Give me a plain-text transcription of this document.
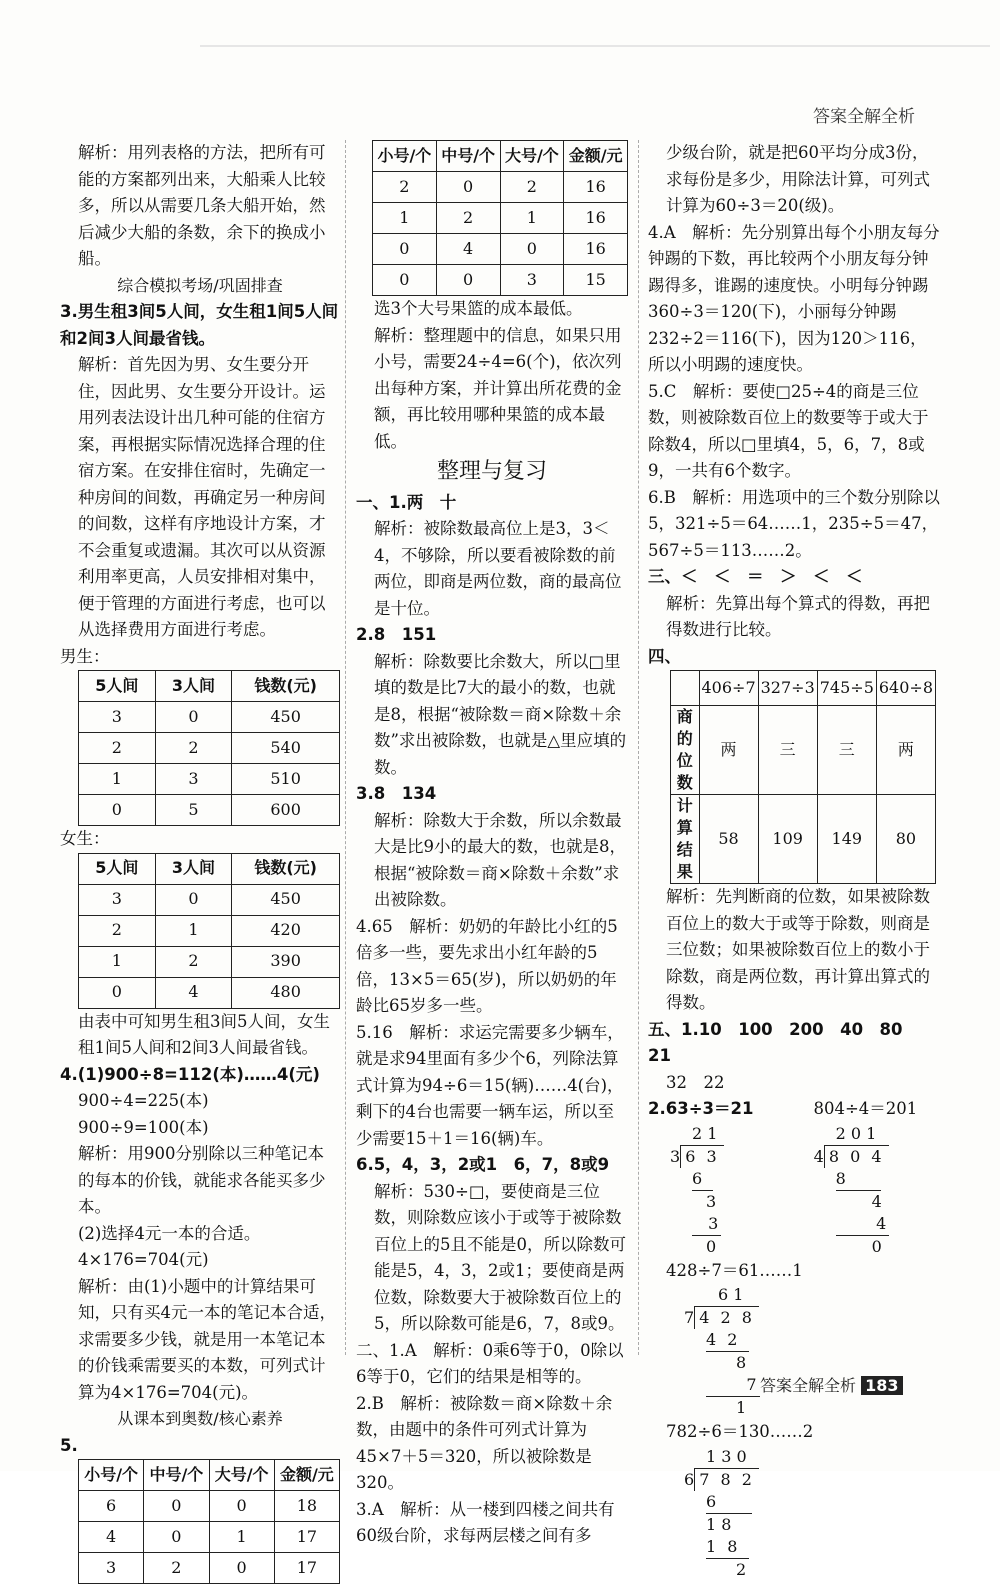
答案全解全析

解析：用列表格的方法，把所有可能的方案都列出来，大船乘人比较多，所以从需要几条大船开始，然后减少大船的条数，余下的换成小船。

综合模拟考场/巩固排查

3.男生租3间5人间，女生租1间5人间和2间3人间最省钱。

解析：首先因为男、女生要分开住，因此男、女生要分开设计。运用列表法设计出几种可能的住宿方案，再根据实际情况选择合理的住宿方案。在安排住宿时，先确定一种房间的间数，再确定另一种房间的间数，这样有序地设计方案，才不会重复或遗漏。其次可以从资源利用率更高，人员安排相对集中，便于管理的方面进行考虑，也可以从选择费用方面进行考虑。

男生：

5人间	3人间	钱数(元)
3	0	450
2	2	540
1	3	510
0	5	600

女生：

5人间	3人间	钱数(元)
3	0	450
2	1	420
1	2	390
0	4	480

由表中可知男生租3间5人间，女生租1间5人间和2间3人间最省钱。

4.(1)900÷8=112(本)……4(元)

900÷4=225(本)

900÷9=100(本)

解析：用900分别除以三种笔记本的每本的价钱，就能求各能买多少本。

(2)选择4元一本的合适。

4×176=704(元)

解析：由(1)小题中的计算结果可知，只有买4元一本的笔记本合适，求需要多少钱，就是用一本笔记本的价钱乘需要买的本数，可列式计算为4×176=704(元)。

从课本到奥数/核心素养

5.

小号/个	中号/个	大号/个	金额/元
6	0	0	18
4	0	1	17
3	2	0	17
小号/个	中号/个	大号/个	金额/元
2	0	2	16
1	2	1	16
0	4	0	16
0	0	3	15

选3个大号果篮的成本最低。

解析：整理题中的信息，如果只用小号，需要24÷4=6(个)，依次列出每种方案，并计算出所花费的金额，再比较用哪种果篮的成本最低。

整理与复习

一、1.两　十

解析：被除数最高位上是3，3＜4，不够除，所以要看被除数的前两位，即商是两位数，商的最高位是十位。

2.8　151

解析：除数要比余数大，所以□里填的数是比7大的最小的数，也就是8，根据“被除数＝商×除数＋余数”求出被除数，也就是△里应填的数。

3.8　134

解析：除数大于余数，所以余数最大是比9小的最大的数，也就是8，根据“被除数＝商×除数＋余数”求出被除数。

4.65　解析：奶奶的年龄比小红的5倍多一些，要先求出小红年龄的5倍，13×5＝65(岁)，所以奶奶的年龄比65岁多一些。

5.16　解析：求运完需要多少辆车，就是求94里面有多少个6，列除法算式计算为94÷6＝15(辆)……4(台)，剩下的4台也需要一辆车运，所以至少需要15＋1＝16(辆)车。

6.5，4，3，2或1　6，7，8或9

解析：530÷□，要使商是三位数，则除数应该小于或等于被除数百位上的5且不能是0，所以除数可能是5，4，3，2或1；要使商是两位数，除数要大于被除数百位上的5，所以除数可能是6，7，8或9。

二、1.A　解析：0乘6等于0，0除以6等于0，它们的结果是相等的。

2.B　解析：被除数＝商×除数＋余数，由题中的条件可列式计算为45×7＋5＝320，所以被除数是320。

3.A　解析：从一楼到四楼之间共有60级台阶，求每两层楼之间有多

少级台阶，就是把60平均分成3份，求每份是多少，用除法计算，可列式计算为60÷3＝20(级)。

4.A　解析：先分别算出每个小朋友每分钟踢的下数，再比较两个小朋友每分钟踢得多，谁踢的速度快。小明每分钟踢360÷3＝120(下)，小丽每分钟踢232÷2＝116(下)，因为120＞116，所以小明踢的速度快。

5.C　解析：要使□25÷4的商是三位数，则被除数百位上的数要等于或大于除数4，所以□里填4，5，6，7，8或9，一共有6个数字。

6.B　解析：用选项中的三个数分别除以5，321÷5＝64……1，235÷5＝47，567÷5＝113……2。

三、＜　＜　＝　＞　＜　＜

解析：先算出每个算式的得数，再把得数进行比较。

四、

	406÷7	327÷3	745÷5	640÷8
商的位数	两	三	三	两
计算结果	58	109	149	80

解析：先判断商的位数，如果被除数百位上的数大于或等于除数，则商是三位数；如果被除数百位上的数小于除数，商是两位数，再计算出算式的得数。

五、1.10　100　200　40　80　21

32　22

2.63÷3＝21	804÷4＝201

2 1
3 6 3
6
3
3
0
2 0 1
4 8 0 4
8
4
4
0

428÷7＝61……1

6 1
7 4 2 8
4 2
8
7
1

782÷6＝130……2

1 3 0
6 7 8 2
6
1 8
1 8
2
答案全解全析 183
